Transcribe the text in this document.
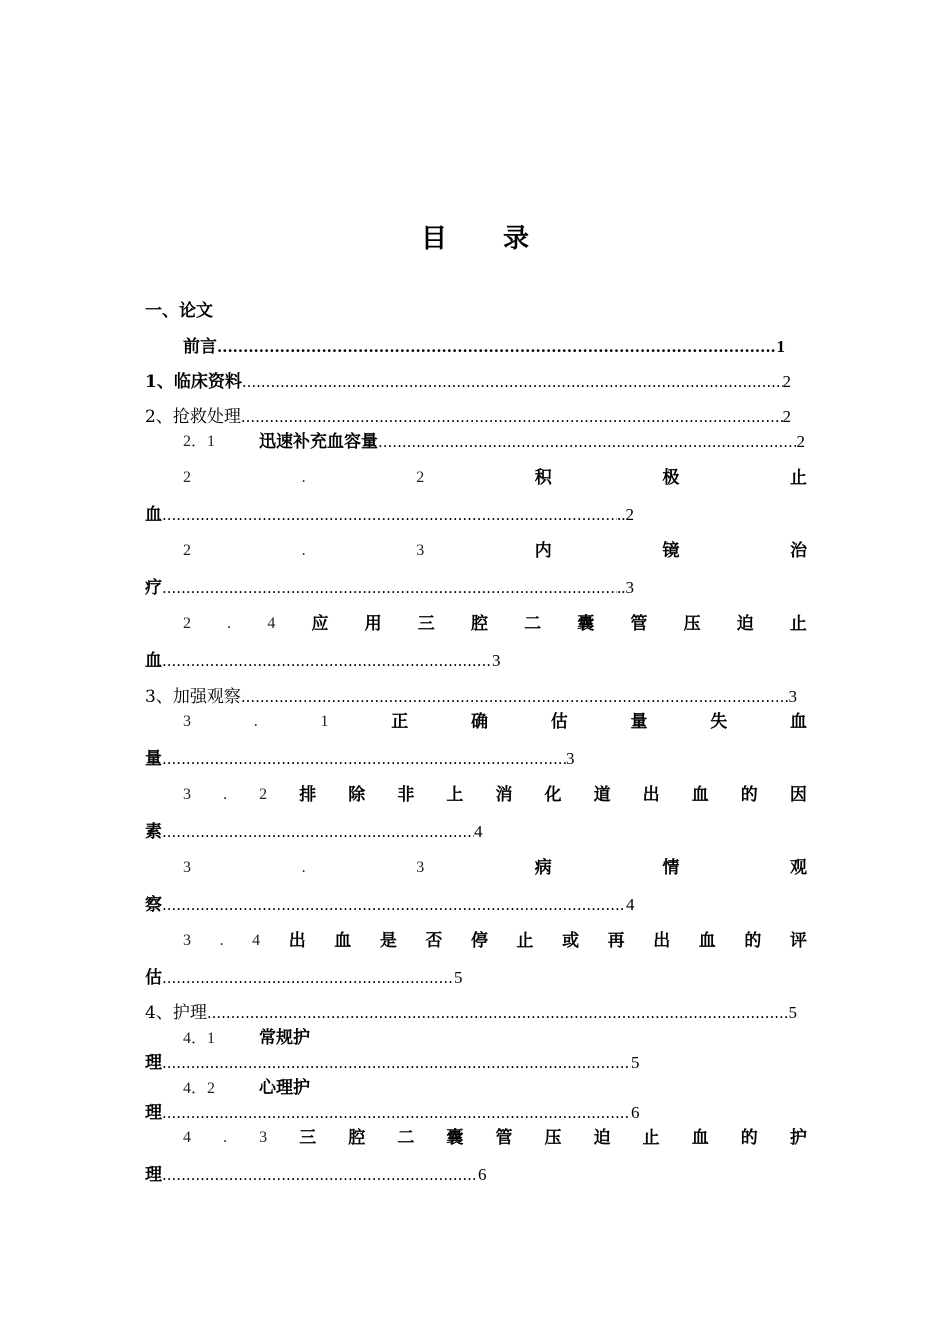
目 录
一、论文
前言 .....	1
1、临床资料 .....	2
2、抢救处理 .....	2
2．1	迅速补充血容量 .....	2
2	.	2	积	极	止
血 .....	..2
2	.	3	内	镜	治
疗 .....	..3
2 . 4 应 用 三 腔 二 囊 管 压 迫 止
血 .....	3
3、加强观察 .....	3
3	.	1	正	确	估	量	失	血
量 .....	3
3 . 2 排 除 非 上 消 化 道 出 血 的 因
素 .....	4
3	.	3	病	情	观
察 .....	4
3 . 4 出 血 是 否 停 止 或 再 出 血 的 评
估 .....	5
4、护理 .....	5
4．1	常规护
理 .....	5
4．2	心理护
理 .....	6
4 . 3 三 腔 二 囊 管 压 迫 止 血 的 护
理 .....	6
